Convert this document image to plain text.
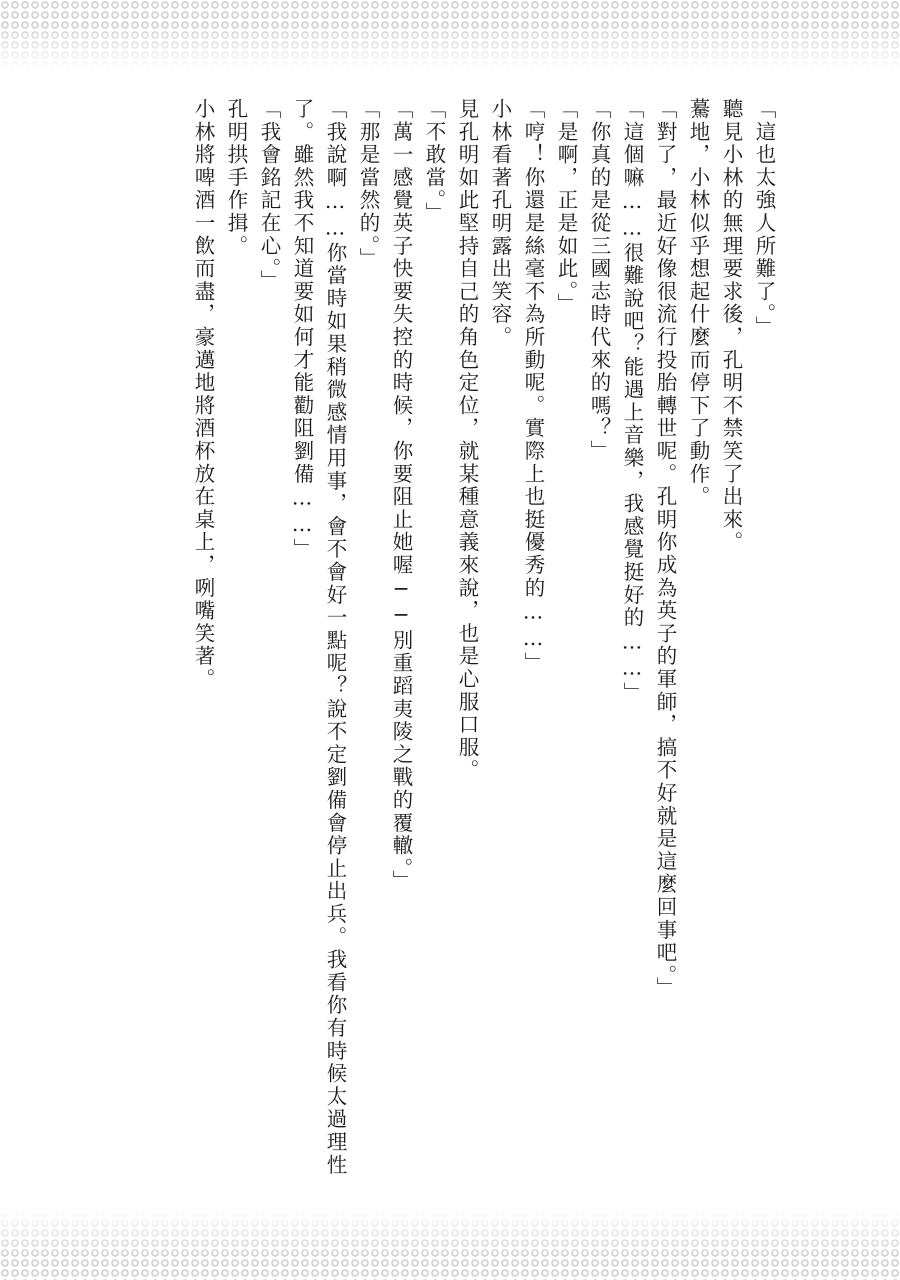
「這也太強人所難了。」

聽見小林的無理要求後，孔明不禁笑了出來。

驀地，小林似乎想起什麼而停下了動作。

「對了，最近好像很流行投胎轉世呢。孔明你成為英子的軍師，搞不好就是這麼回事吧。」

「這個嘛……很難說吧？能遇上音樂，我感覺挺好的……」

「你真的是從三國志時代來的嗎？」

「是啊，正是如此。」

「哼！你還是絲毫不為所動呢。實際上也挺優秀的……」

小林看著孔明露出笑容。

見孔明如此堅持自己的角色定位，就某種意義來說，也是心服口服。

「不敢當。」

「萬一感覺英子快要失控的時候，你要阻止她喔──別重蹈夷陵之戰的覆轍。」

「那是當然的。」

「我說啊……你當時如果稍微感情用事，會不會好一點呢？說不定劉備會停止出兵。我看你有時候太過理性了。雖然我不知道要如何才能勸阻劉備……」

「我會銘記在心。」

孔明拱手作揖。

小林將啤酒一飲而盡，豪邁地將酒杯放在桌上，咧嘴笑著。
